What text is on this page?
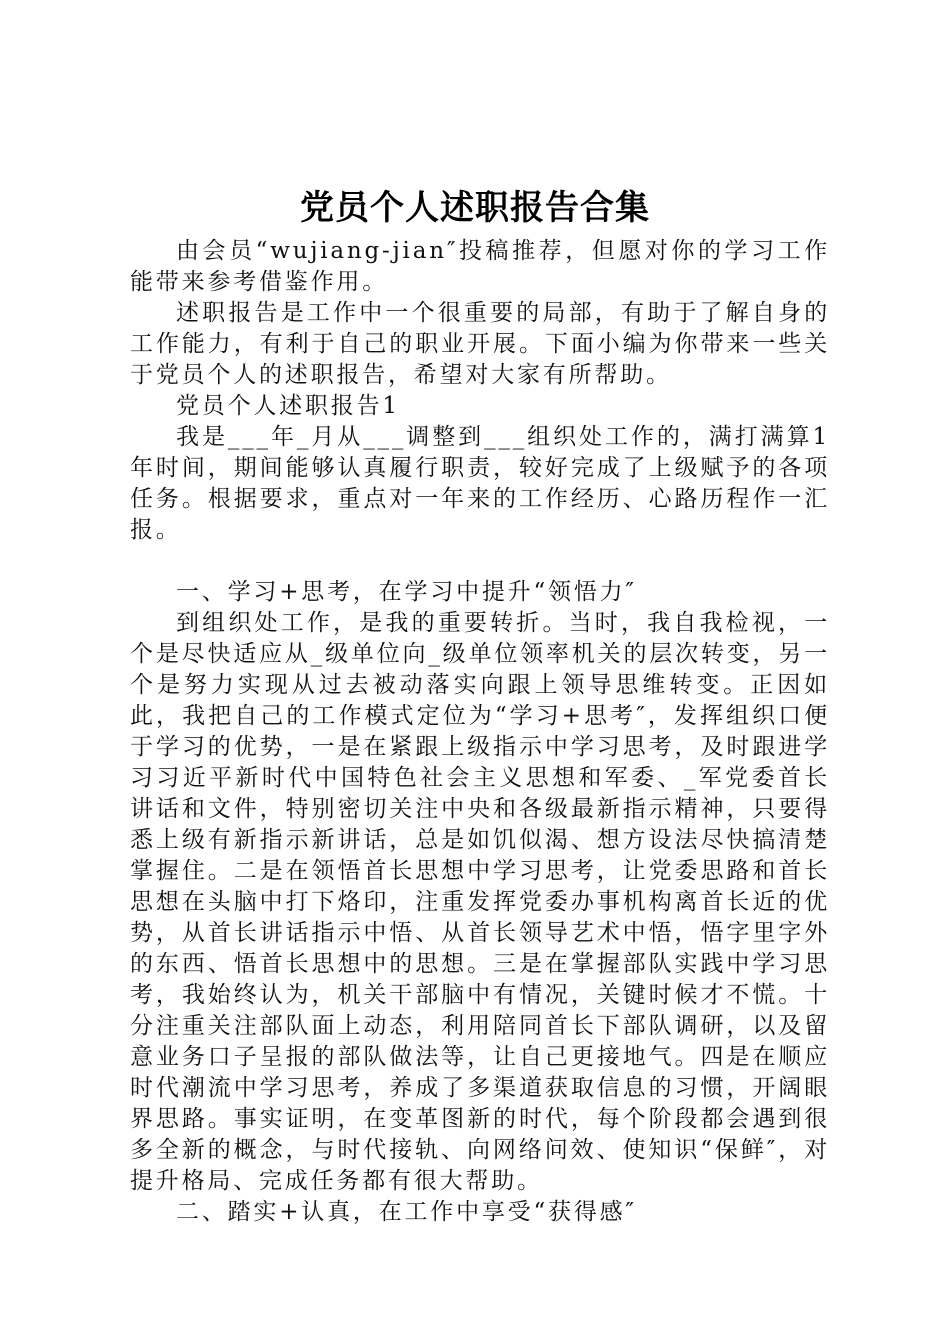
党员个人述职报告合集

由会员“wujiang-jian″投稿推荐，但愿对你的学习工作能带来参考借鉴作用。

述职报告是工作中一个很重要的局部，有助于了解自身的工作能力，有利于自己的职业开展。下面小编为你带来一些关于党员个人的述职报告，希望对大家有所帮助。

党员个人述职报告1

我是___年_月从___调整到___组织处工作的，满打满算1年时间，期间能够认真履行职责，较好完成了上级赋予的各项任务。根据要求，重点对一年来的工作经历、心路历程作一汇报。

一、学习+思考，在学习中提升“领悟力″

到组织处工作，是我的重要转折。当时，我自我检视，一个是尽快适应从_级单位向_级单位领率机关的层次转变，另一个是努力实现从过去被动落实向跟上领导思维转变。正因如此，我把自己的工作模式定位为“学习+思考″，发挥组织口便于学习的优势，一是在紧跟上级指示中学习思考，及时跟进学习习近平新时代中国特色社会主义思想和军委、_军党委首长讲话和文件，特别密切关注中央和各级最新指示精神，只要得悉上级有新指示新讲话，总是如饥似渴、想方设法尽快搞清楚掌握住。二是在领悟首长思想中学习思考，让党委思路和首长思想在头脑中打下烙印，注重发挥党委办事机构离首长近的优势，从首长讲话指示中悟、从首长领导艺术中悟，悟字里字外的东西、悟首长思想中的思想。三是在掌握部队实践中学习思考，我始终认为，机关干部脑中有情况，关键时候才不慌。十分注重关注部队面上动态，利用陪同首长下部队调研，以及留意业务口子呈报的部队做法等，让自己更接地气。四是在顺应时代潮流中学习思考，养成了多渠道获取信息的习惯，开阔眼界思路。事实证明，在变革图新的时代，每个阶段都会遇到很多全新的概念，与时代接轨、向网络问效、使知识“保鲜″，对提升格局、完成任务都有很大帮助。

二、踏实+认真，在工作中享受“获得感″
